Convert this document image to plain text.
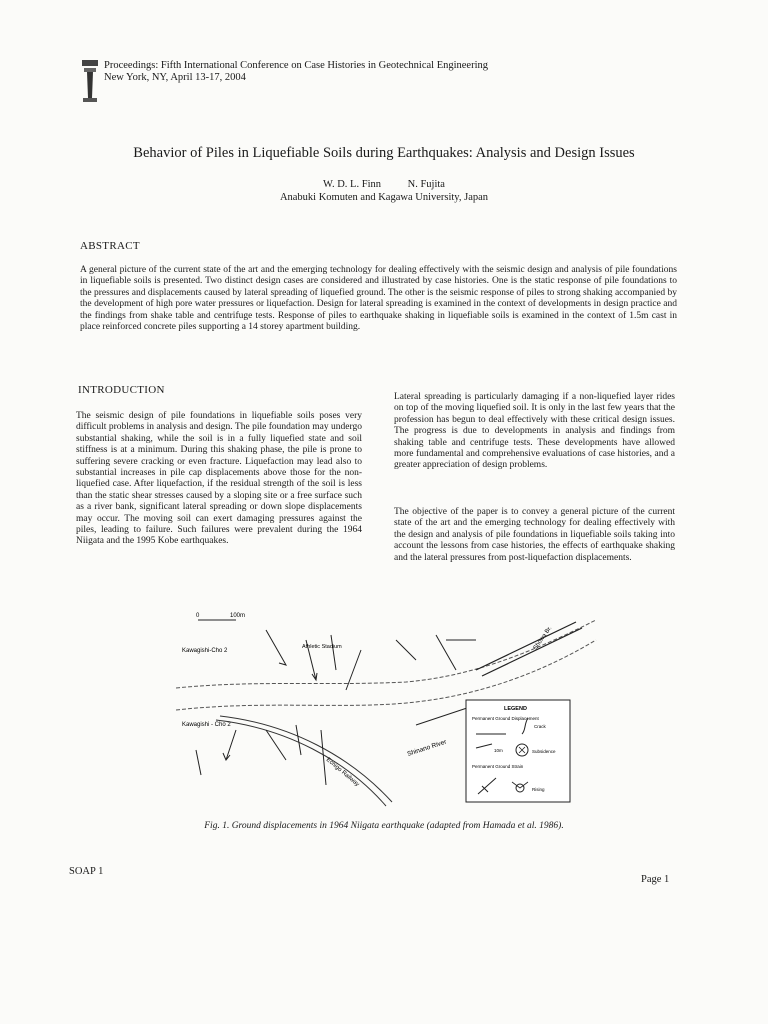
Proceedings: Fifth International Conference on Case Histories in Geotechnical Engineering
New York, NY, April 13-17, 2004
Behavior of Piles in Liquefiable Soils during Earthquakes: Analysis and Design Issues
W. D. L. Finn	N. Fujita
Anabuki Komuten and Kagawa University, Japan
ABSTRACT
A general picture of the current state of the art and the emerging technology for dealing effectively with the seismic design and analysis of pile foundations in liquefiable soils is presented. Two distinct design cases are considered and illustrated by case histories. One is the static response of pile foundations to the pressures and displacements caused by lateral spreading of liquefied ground. The other is the seismic response of piles to strong shaking accompanied by the development of high pore water pressures or liquefaction. Design for lateral spreading is examined in the context of developments in design practice and the findings from shake table and centrifuge tests. Response of piles to earthquake shaking in liquefiable soils is examined in the context of 1.5m cast in place reinforced concrete piles supporting a 14 storey apartment building.
INTRODUCTION
The seismic design of pile foundations in liquefiable soils poses very difficult problems in analysis and design. The pile foundation may undergo substantial shaking, while the soil is in a fully liquefied state and soil stiffness is at a minimum. During this shaking phase, the pile is prone to suffering severe cracking or even fracture. Liquefaction may lead also to substantial increases in pile cap displacements above those for the non-liquefied case. After liquefaction, if the residual strength of the soil is less than the static shear stresses caused by a sloping site or a free surface such as a river bank, significant lateral spreading or down slope displacements may occur. The moving soil can exert damaging pressures against the piles, leading to failure. Such failures were prevalent during the 1964 Niigata and the 1995 Kobe earthquakes.
Lateral spreading is particularly damaging if a non-liquefied layer rides on top of the moving liquefied soil. It is only in the last few years that the profession has begun to deal effectively with these critical design issues. The progress is due to developments in analysis and findings from shaking table and centrifuge tests. These developments have allowed more fundamental and comprehensive evaluations of case histories, and a greater appreciation of design problems.
The objective of the paper is to convey a general picture of the current state of the art and the emerging technology for dealing effectively with the design and analysis of pile foundations in liquefiable soils taking into account the lessons from case histories, the effects of earthquake shaking and the lateral pressures from post-liquefaction displacements.
0	100m
Kawagishi-Cho 2
Athletic Stadium
Kawagishi - Cho 2
Echigo Railway
Shinano River
Showa Br.
LEGEND
Permanent Ground Displacement
Crack
10m	Subsidence
Permanent Ground Strain
Rising
Fig. 1. Ground displacements in 1964 Niigata earthquake (adapted from Hamada et al. 1986).
SOAP 1
Page 1
